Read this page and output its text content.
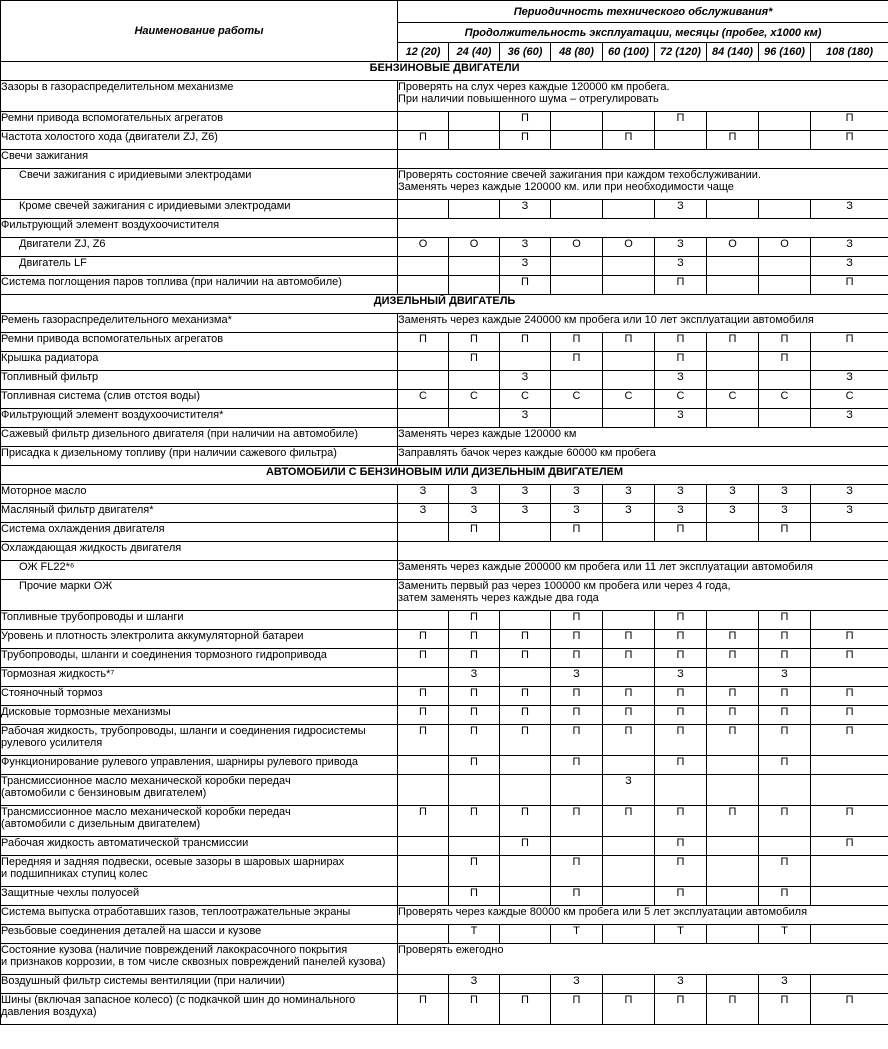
Наименование работы	Периодичность технического обслуживания*								
	Продолжительность эксплуатации, месяцы (пробег, х1000 км)								
	12 (20)	24 (40)	36 (60)	48 (80)	60 (100)	72 (120)	84 (140)	96 (160)	108 (180)
БЕНЗИНОВЫЕ ДВИГАТЕЛИ									
Зазоры в газораспределительном механизме	Проверять на слух через каждые 120000 км пробега.
При наличии повышенного шума – отрегулировать								
Ремни привода вспомогательных агрегатов			П			П			П
Частота холостого хода (двигатели ZJ, Z6)	П		П		П		П		П
Свечи зажигания									
Свечи зажигания с иридиевыми электродами	Проверять состояние свечей зажигания при каждом техобслуживании.
Заменять через каждые 120000 км. или при необходимости чаще								
Кроме свечей зажигания с иридиевыми электродами			З			З			З
Фильтрующий элемент воздухоочистителя									
Двигатели ZJ, Z6	О	О	З	О	О	З	О	О	З
Двигатель LF			З			З			З
Система поглощения паров топлива (при наличии на автомобиле)			П			П			П
ДИЗЕЛЬНЫЙ ДВИГАТЕЛЬ									
Ремень газораспределительного механизма*	Заменять через каждые 240000 км пробега или 10 лет эксплуатации автомобиля								
Ремни привода вспомогательных агрегатов	П	П	П	П	П	П	П	П	П
Крышка радиатора		П		П		П		П	
Топливный фильтр			З			З			З
Топливная система (слив отстоя воды)	С	С	С	С	С	С	С	С	С
Фильтрующий элемент воздухоочистителя*			З			З			З
Сажевый фильтр дизельного двигателя (при наличии на автомобиле)	Заменять через каждые 120000 км								
Присадка к дизельному топливу (при наличии сажевого фильтра)	Заправлять бачок через каждые 60000 км пробега								
АВТОМОБИЛИ С БЕНЗИНОВЫМ ИЛИ ДИЗЕЛЬНЫМ ДВИГАТЕЛЕМ									
Моторное масло	З	З	З	З	З	З	З	З	З
Масляный фильтр двигателя*	З	З	З	З	З	З	З	З	З
Система охлаждения двигателя		П		П		П		П	
Охлаждающая жидкость двигателя									
ОЖ FL22*⁶	Заменять через каждые 200000 км пробега или 11 лет эксплуатации автомобиля								
Прочие марки ОЖ	Заменить первый раз через 100000 км пробега или через 4 года,
затем заменять через каждые два года								
Топливные трубопроводы и шланги		П		П		П		П	
Уровень и плотность электролита аккумуляторной батареи	П	П	П	П	П	П	П	П	П
Трубопроводы, шланги и соединения тормозного гидропривода	П	П	П	П	П	П	П	П	П
Тормозная жидкость*⁷		З		З		З		З	
Стояночный тормоз	П	П	П	П	П	П	П	П	П
Дисковые тормозные механизмы	П	П	П	П	П	П	П	П	П
Рабочая жидкость, трубопроводы, шланги и соединения гидросистемы
рулевого усилителя	П	П	П	П	П	П	П	П	П
Функционирование рулевого управления, шарниры рулевого привода		П		П		П		П	
Трансмиссионное масло механической коробки передач
(автомобили с бензиновым двигателем)					З				
Трансмиссионное масло механической коробки передач
(автомобили с дизельным двигателем)	П	П	П	П	П	П	П	П	П
Рабочая жидкость автоматической трансмиссии			П			П			П
Передняя и задняя подвески, осевые зазоры в шаровых шарнирах
и подшипниках ступиц колес		П		П		П		П	
Защитные чехлы полуосей		П		П		П		П	
Система выпуска отработавших газов, теплоотражательные экраны	Проверять через каждые 80000 км пробега или 5 лет эксплуатации автомобиля								
Резьбовые соединения деталей на шасси и кузове		Т		Т		Т		Т	
Состояние кузова (наличие повреждений лакокрасочного покрытия
и признаков коррозии, в том числе сквозных повреждений панелей кузова)	Проверять ежегодно								
Воздушный фильтр системы вентиляции (при наличии)		З		З		З		З	
Шины (включая запасное колесо) (с подкачкой шин до номинального
давления воздуха)	П	П	П	П	П	П	П	П	П
